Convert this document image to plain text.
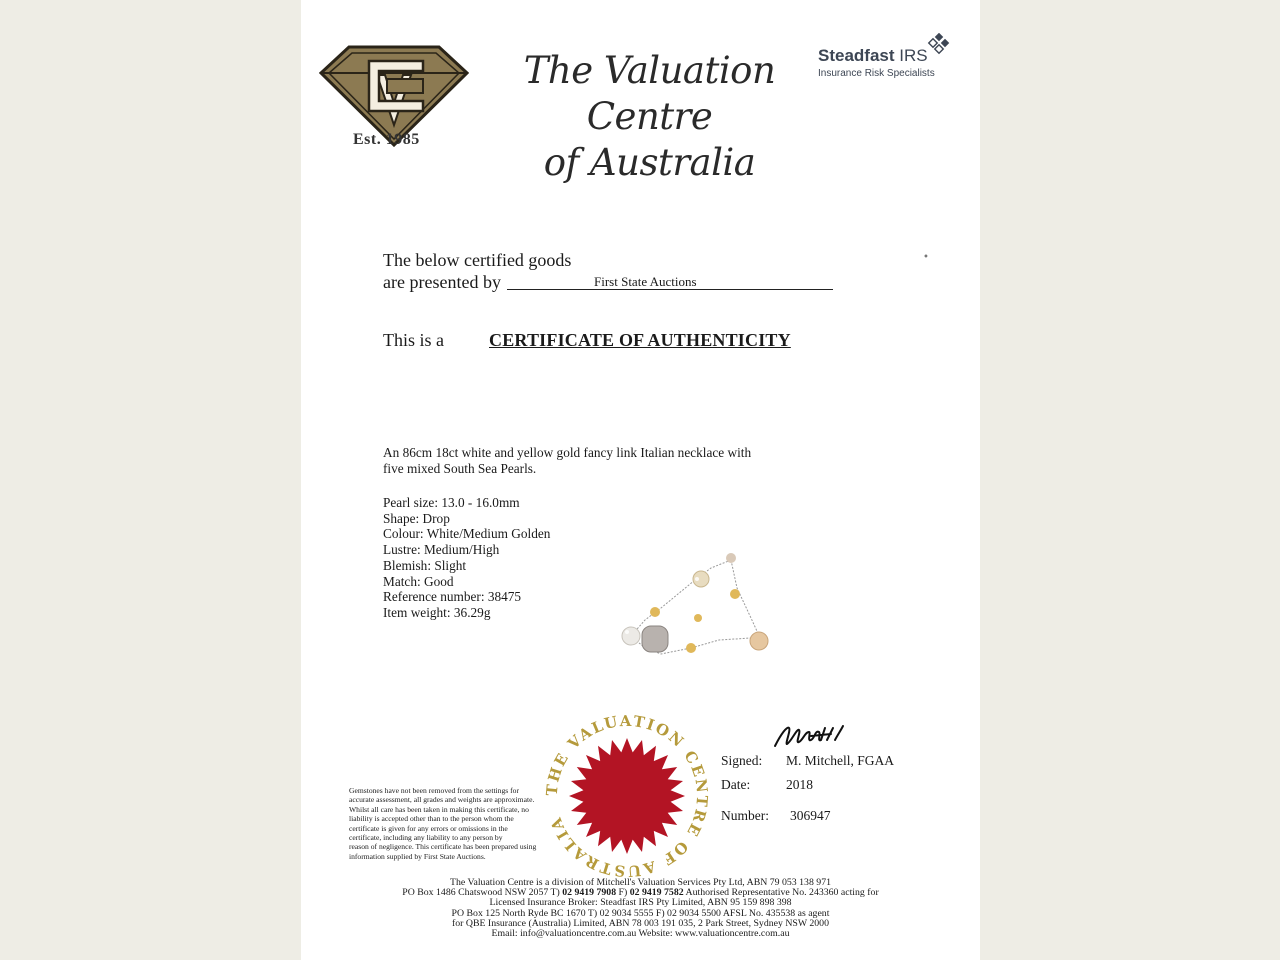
Est. 1985
The Valuation Centre
of Australia
Steadfast IRS
Insurance Risk Specialists
The below certified goods
are presented by	First State Auctions
•
This is a	CERTIFICATE OF AUTHENTICITY
An 86cm 18ct white and yellow gold fancy link Italian necklace with
five mixed South Sea Pearls.
Pearl size: 13.0 - 16.0mm
Shape: Drop
Colour: White/Medium Golden
Lustre: Medium/High
Blemish: Slight
Match: Good
Reference number: 38475
Item weight: 36.29g
Gemstones have not been removed from the settings for
accurate assessment, all grades and weights are approximate.
Whilst all care has been taken in making this certificate, no
liability is accepted other than to the person whom the
certificate is given for any errors or omissions in the
certificate, including any liability to any person by
reason of negligence. This certificate has been prepared using
information supplied by First State Auctions.
THE VALUATION CENTRE OF AUSTRALIA
Signed: M. Mitchell, FGAA
Date:	2018
Number: 306947
The Valuation Centre is a division of Mitchell's Valuation Services Pty Ltd, ABN 79 053 138 971
PO Box 1486 Chatswood NSW 2057 T) 02 9419 7908 F) 02 9419 7582 Authorised Representative No. 243360 acting for
Licensed Insurance Broker: Steadfast IRS Pty Limited, ABN 95 159 898 398
PO Box 125 North Ryde BC 1670 T) 02 9034 5555 F) 02 9034 5500 AFSL No. 435538 as agent
for QBE Insurance (Australia) Limited, ABN 78 003 191 035, 2 Park Street, Sydney NSW 2000
Email: info@valuationcentre.com.au Website: www.valuationcentre.com.au
